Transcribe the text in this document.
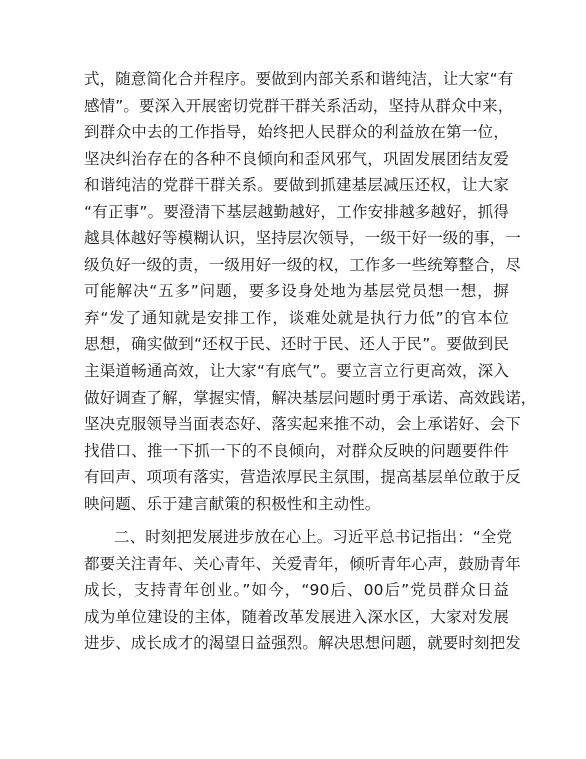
式，随意简化合并程序。要做到内部关系和谐纯洁，让大家“有
感情”。要深入开展密切党群干群关系活动，坚持从群众中来，
到群众中去的工作指导，始终把人民群众的利益放在第一位，
坚决纠治存在的各种不良倾向和歪风邪气，巩固发展团结友爱
和谐纯洁的党群干群关系。要做到抓建基层减压还权，让大家
“有正事”。要澄清下基层越勤越好，工作安排越多越好，抓得
越具体越好等模糊认识，坚持层次领导，一级干好一级的事，一
级负好一级的责，一级用好一级的权，工作多一些统筹整合，尽
可能解决“五多”问题，要多设身处地为基层党员想一想，摒
弃“发了通知就是安排工作，谈难处就是执行力低”的官本位
思想，确实做到“还权于民、还时于民、还人于民”。要做到民
主渠道畅通高效，让大家“有底气”。要立言立行更高效，深入
做好调查了解，掌握实情，解决基层问题时勇于承诺、高效践诺，
坚决克服领导当面表态好、落实起来推不动，会上承诺好、会下
找借口、推一下抓一下的不良倾向，对群众反映的问题要件件
有回声、项项有落实，营造浓厚民主氛围，提高基层单位敢于反
映问题、乐于建言献策的积极性和主动性。
二、时刻把发展进步放在心上。习近平总书记指出：“全党
都要关注青年、关心青年、关爱青年，倾听青年心声，鼓励青年
成长，支持青年创业。”如今，“90后、00后”党员群众日益
成为单位建设的主体，随着改革发展进入深水区，大家对发展
进步、成长成才的渴望日益强烈。解决思想问题，就要时刻把发
